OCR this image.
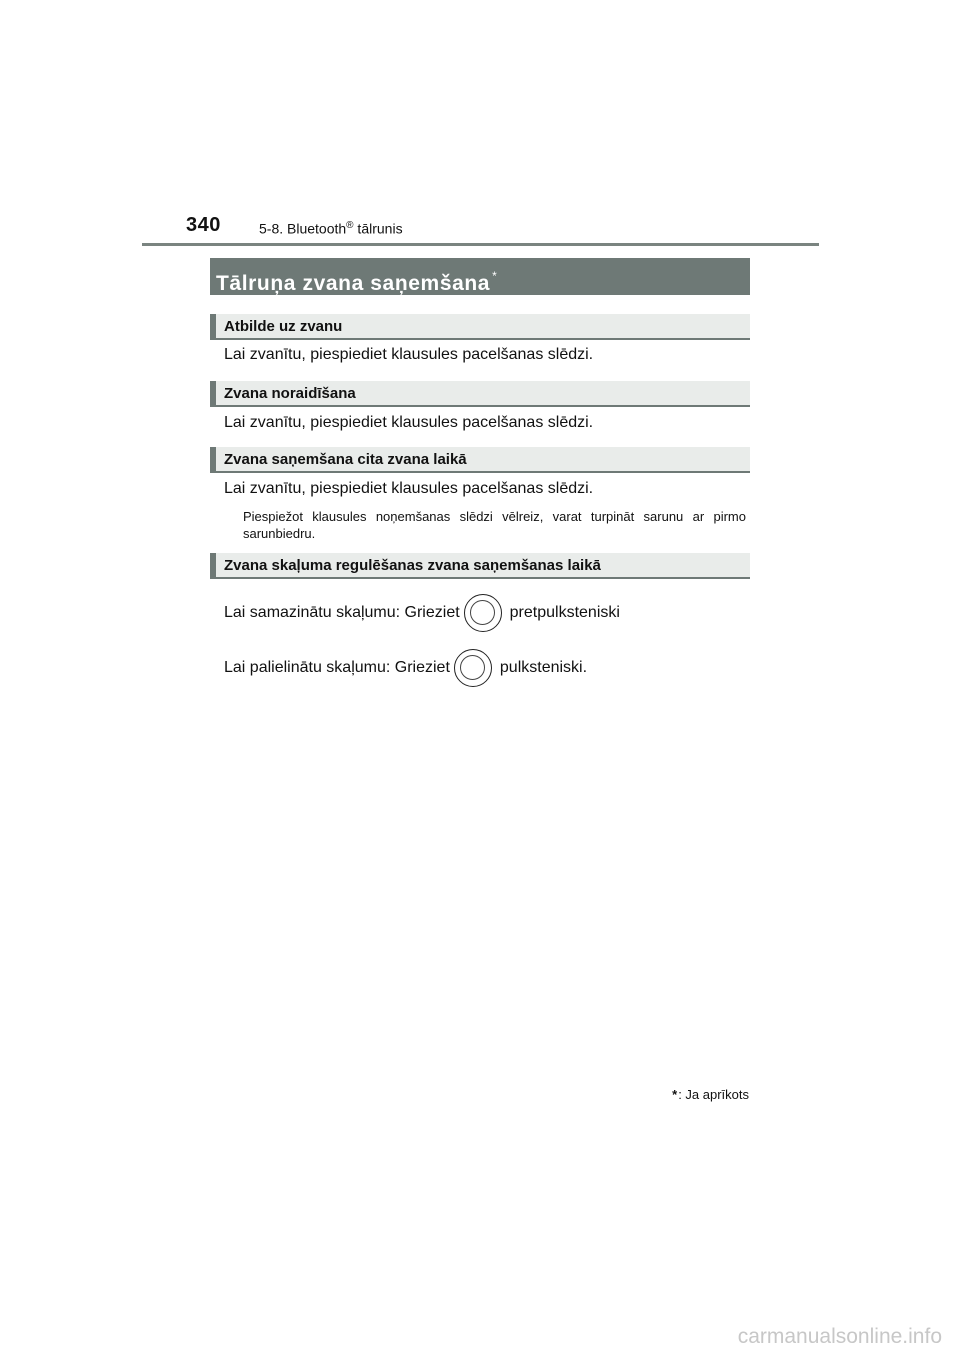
340	5-8. Bluetooth® tālrunis
Tālruņa zvana saņemšana *
Atbilde uz zvanu
Lai zvanītu, piespiediet klausules pacelšanas slēdzi.
Zvana noraidīšana
Lai zvanītu, piespiediet klausules pacelšanas slēdzi.
Zvana saņemšana cita zvana laikā
Lai zvanītu, piespiediet klausules pacelšanas slēdzi.
Piespiežot klausules noņemšanas slēdzi vēlreiz, varat turpināt sarunu ar pirmo sarunbiedru.
Zvana skaļuma regulēšanas zvana saņemšanas laikā
Lai samazinātu skaļumu: Grieziet	pretpulksteniski
Lai palielinātu skaļumu: Grieziet	pulksteniski.
*: Ja aprīkots
carmanualsonline.info
